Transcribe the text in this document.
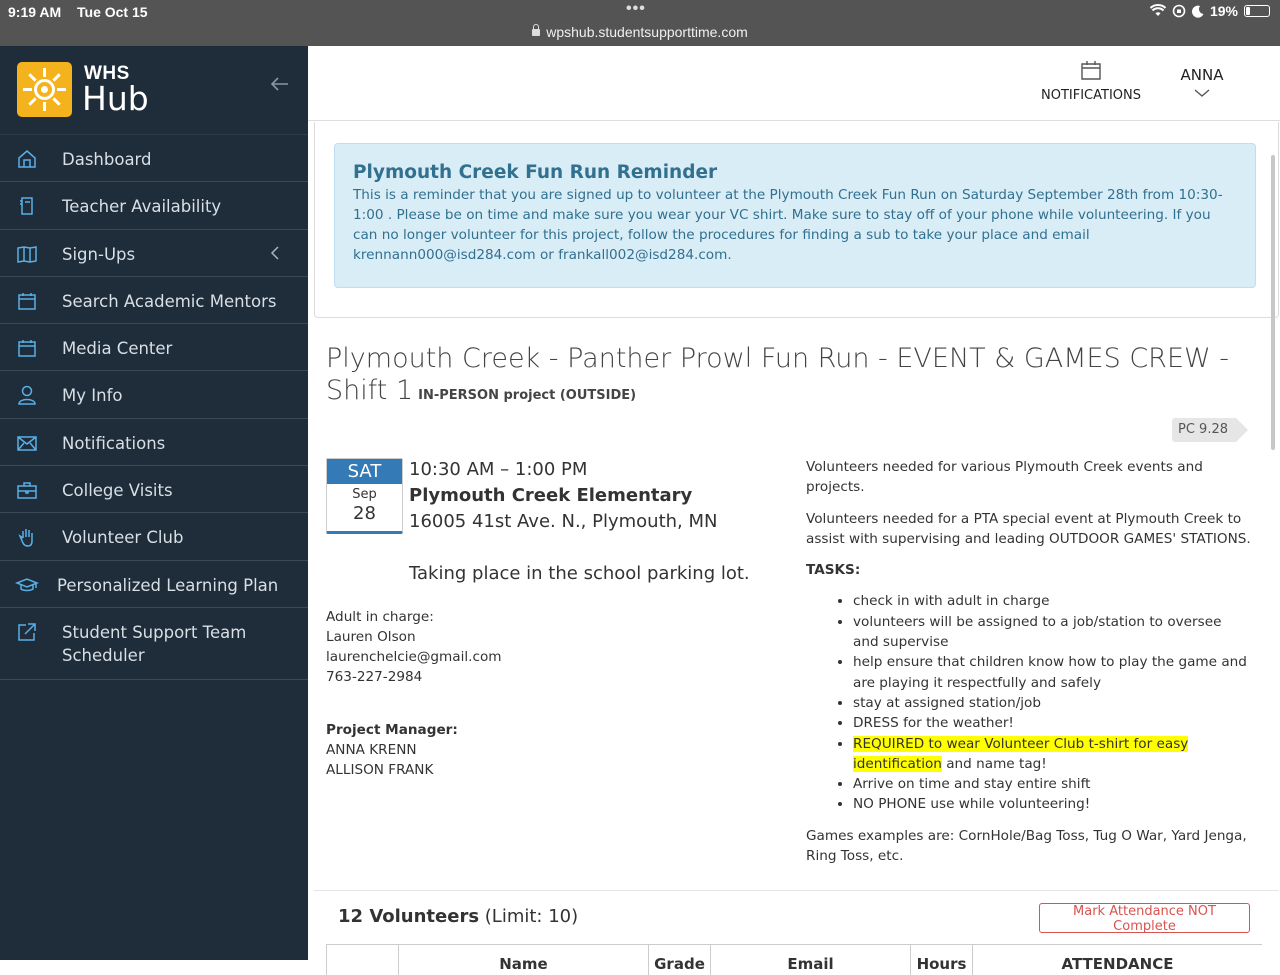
9:19 AM Tue Oct 15	•••
wpshub.studentsupporttime.com
19%
WHS
Hub
Dashboard
Teacher Availability
Sign-Ups
Search Academic Mentors
Media Center
My Info
Notifications
College Visits
Volunteer Club
Personalized Learning Plan
Student Support Team Scheduler
NOTIFICATIONS
ANNA
Plymouth Creek Fun Run Reminder
This is a reminder that you are signed up to volunteer at the Plymouth Creek Fun Run on Saturday September 28th from 10:30-1:00 . Please be on time and make sure you wear your VC shirt. Make sure to stay off of your phone while volunteering. If you can no longer volunteer for this project, follow the procedures for finding a sub to take your place and email krennann000@isd284.com or frankall002@isd284.com.
Plymouth Creek - Panther Prowl Fun Run - EVENT & GAMES CREW - Shift 1 IN-PERSON project (OUTSIDE)
PC 9.28
SAT
Sep
28
10:30 AM – 1:00 PM
Plymouth Creek Elementary
16005 41st Ave. N., Plymouth, MN
Taking place in the school parking lot.
Adult in charge:
Lauren Olson
laurenchelcie@gmail.com
763-227-2984
Project Manager:
ANNA KRENN
ALLISON FRANK

Volunteers needed for various Plymouth Creek events and projects.

Volunteers needed for a PTA special event at Plymouth Creek to assist with supervising and leading OUTDOOR GAMES' STATIONS.

TASKS:
• check in with adult in charge
• volunteers will be assigned to a job/station to oversee and supervise
• help ensure that children know how to play the game and are playing it respectfully and safely
• stay at assigned station/job
• DRESS for the weather!
• REQUIRED to wear Volunteer Club t-shirt for easy identification and name tag!
• Arrive on time and stay entire shift
• NO PHONE use while volunteering!

Games examples are: CornHole/Bag Toss, Tug O War, Yard Jenga, Ring Toss, etc.

12 Volunteers (Limit: 10)	Mark Attendance NOT Complete
	Name	Grade	Email	Hours	ATTENDANCE
